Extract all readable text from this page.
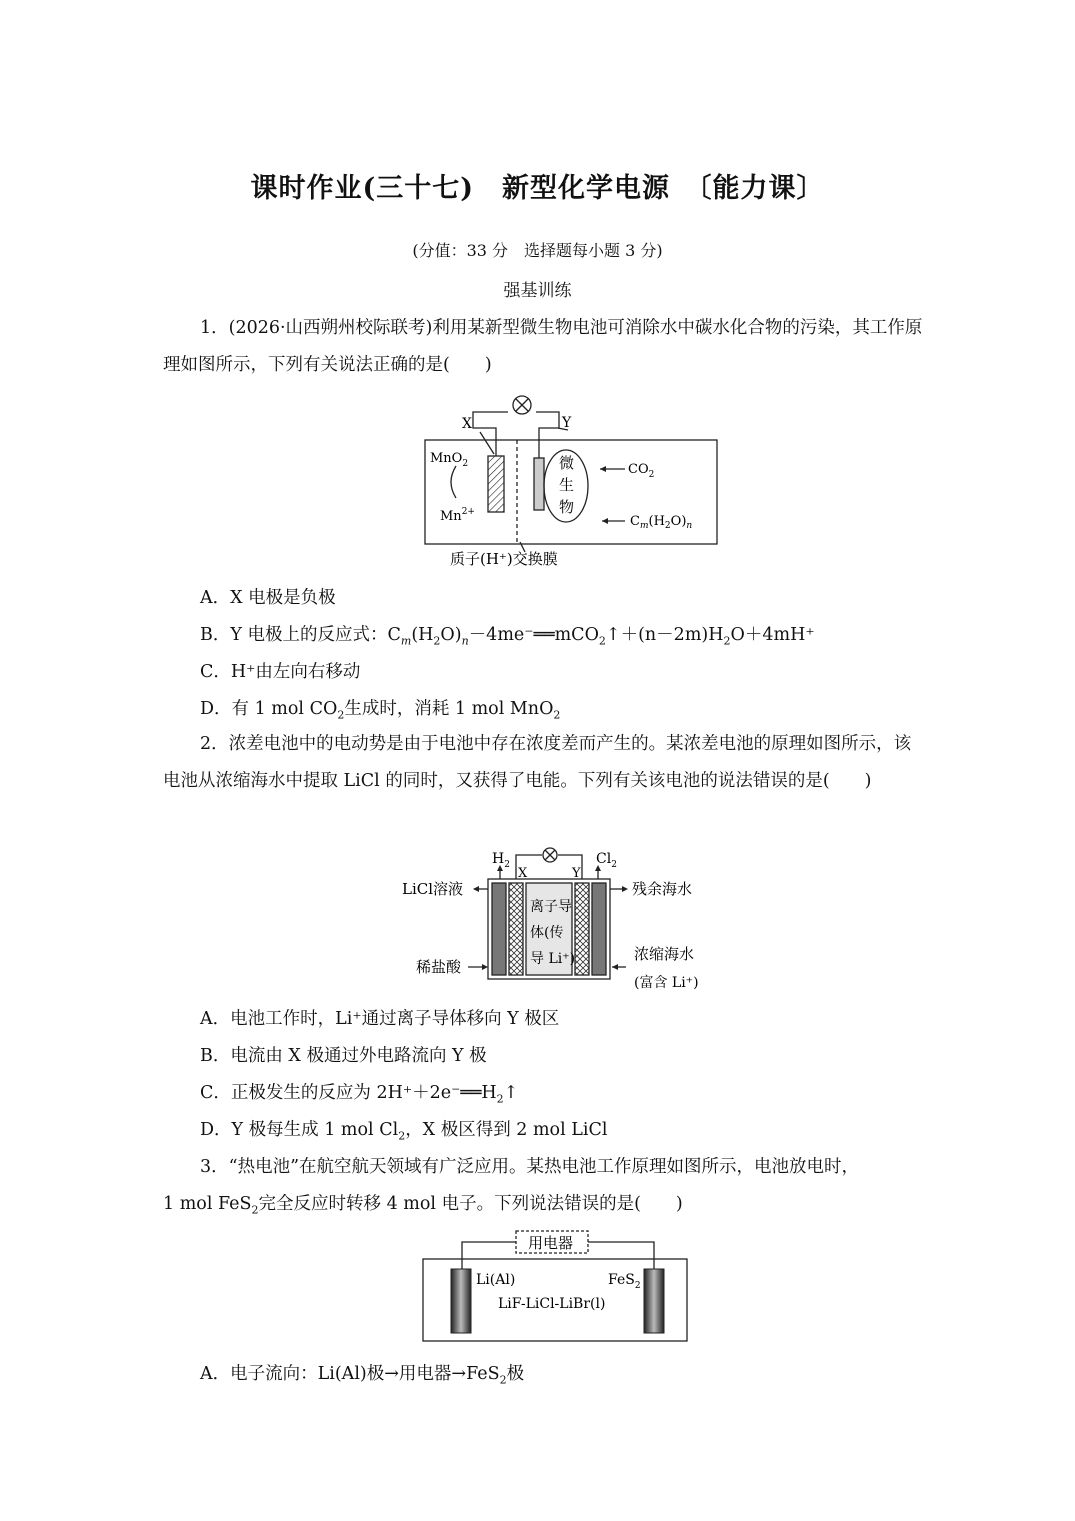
课时作业(三十七)　新型化学电源　〔能力课〕
(分值：33 分　选择题每小题 3 分)
强基训练
1．(2026·山西朔州校际联考)利用某新型微生物电池可消除水中碳水化合物的污染，其工作原理如图所示，下列有关说法正确的是(　　)
X	Y
MnO$_2$
$Mn^{2+}$
微
生
物
$CO_2$
$C_m(H_2O)_n$
质子(H⁺)交换膜
A．X 电极是负极
B．Y 电极上的反应式：$C_m(H_2O)_n-4me^-══mCO_2↑+(n-2m)H_2O+4mH^+$
C．H⁺由左向右移动
D．有 1 mol $CO_2$生成时，消耗 1 mol MnO$_2$
2．浓差电池中的电动势是由于电池中存在浓度差而产生的。某浓差电池的原理如图所示，该电池从浓缩海水中提取 LiCl 的同时，又获得了电能。下列有关该电池的说法错误的是(　　)
$H_2$	$Cl_2$
X	Y
LiCl溶液
稀盐酸
残余海水
浓缩海水
(富含 Li⁺)
离子导
体(传
导 Li⁺)
A．电池工作时，Li⁺通过离子导体移向 Y 极区
B．电流由 X 极通过外电路流向 Y 极
C．正极发生的反应为 $2H^++2e^-══H_2↑$
D．Y 极每生成 1 mol $Cl_2$，X 极区得到 2 mol LiCl
3．“热电池”在航空航天领域有广泛应用。某热电池工作原理如图所示，电池放电时，
1 mol FeS$_2$完全反应时转移 4 mol 电子。下列说法错误的是(　　)
用电器
Li(Al)	FeS$_2$
LiF-LiCl-LiBr(l)
A．电子流向：Li(Al)极→用电器→FeS$_2$极
